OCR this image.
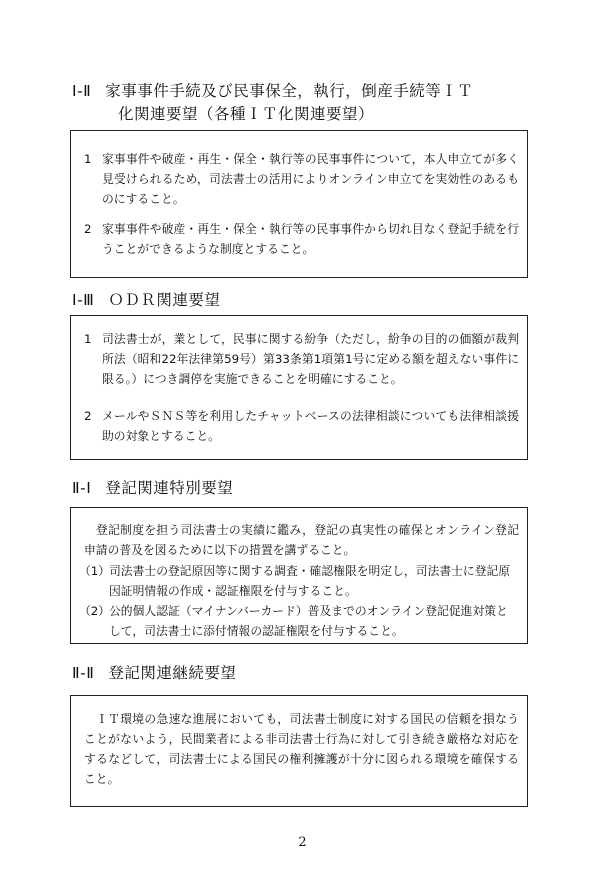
Ⅰ-Ⅱ 家事事件手続及び民事保全，執行，倒産手続等ＩＴ
化関連要望（各種ＩＴ化関連要望）
1 家事事件や破産・再生・保全・執行等の民事事件について，本人申立てが多く見受けられるため，司法書士の活用によりオンライン申立てを実効性のあるものにすること。
2 家事事件や破産・再生・保全・執行等の民事事件から切れ目なく登記手続を行うことができるような制度とすること。
Ⅰ-Ⅲ ＯＤＲ関連要望
1 司法書士が，業として，民事に関する紛争（ただし，紛争の目的の価額が裁判所法（昭和22年法律第59号）第33条第1項第1号に定める額を超えない事件に限る。）につき調停を実施できることを明確にすること。
2 メールやＳＮＳ等を利用したチャットベースの法律相談についても法律相談援助の対象とすること。
Ⅱ-Ⅰ 登記関連特別要望
登記制度を担う司法書士の実績に鑑み，登記の真実性の確保とオンライン登記申請の普及を図るために以下の措置を講ずること。
（1）
司法書士の登記原因等に関する調査・確認権限を明定し，司法書士に登記原因証明情報の作成・認証権限を付与すること。
（2）
公的個人認証（マイナンバーカード）普及までのオンライン登記促進対策として，司法書士に添付情報の認証権限を付与すること。
Ⅱ-Ⅱ 登記関連継続要望
ＩＴ環境の急速な進展においても，司法書士制度に対する国民の信頼を損なうことがないよう，民間業者による非司法書士行為に対して引き続き厳格な対応をするなどして，司法書士による国民の権利擁護が十分に図られる環境を確保すること。
2
